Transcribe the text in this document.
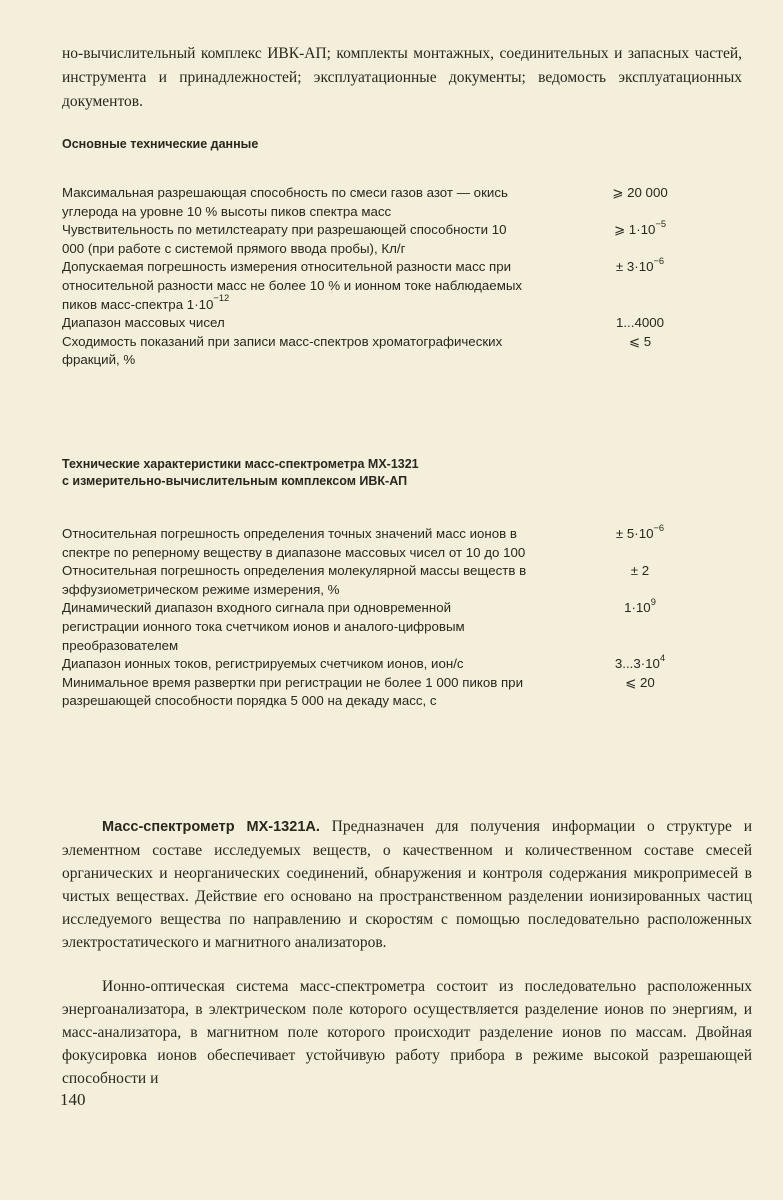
но-вычислительный комплекс ИВК-АП; комплекты монтажных, соединительных и запасных частей, инструмента и принадлежностей; эксплуатационные документы; ведомость эксплуатационных документов.
Основные технические данные
Максимальная разрешающая способность по смеси газов азот — окись углерода на уровне 10 % высоты пиков спектра масс
⩾ 20 000
Чувствительность по метилстеарату при разрешающей способности 10 000 (при работе с системой прямого ввода пробы), Кл/г
⩾ $1\cdot 10^{-5}$
Допускаемая погрешность измерения относительной разности масс при относительной разности масс не более 10 % и ионном токе наблюдаемых пиков масс-спектра $1\cdot 10^{-12}$
± $3\cdot 10^{-6}$
Диапазон массовых чисел	1...4000
Сходимость показаний при записи масс-спектров хроматографических фракций, %
⩽ 5
Технические характеристики масс-спектрометра МХ-1321
с измерительно-вычислительным комплексом ИВК-АП
Относительная погрешность определения точных значений масс ионов в спектре по реперному веществу в диапазоне массовых чисел от 10 до 100
± $5\cdot 10^{-6}$
Относительная погрешность определения молекулярной массы веществ в эффузиометрическом режиме измерения, %
± 2
Динамический диапазон входного сигнала при одновременной регистрации ионного тока счетчиком ионов и аналого-цифровым преобразователем
$1\cdot 10^9$
Диапазон ионных токов, регистрируемых счетчиком ионов, ион/с	$3...3\cdot 10^4$
Минимальное время развертки при регистрации не более 1 000 пиков при разрешающей способности порядка 5 000 на декаду масс, с
⩽ 20
Масс-спектрометр МХ-1321А. Предназначен для получения информации о структуре и элементном составе исследуемых веществ, о качественном и количественном составе смесей органических и неорганических соединений, обнаружения и контроля содержания микропримесей в чистых веществах. Действие его основано на пространственном разделении ионизированных частиц исследуемого вещества по направлению и скоростям с помощью последовательно расположенных электростатического и магнитного анализаторов.
Ионно-оптическая система масс-спектрометра состоит из последовательно расположенных энергоанализатора, в электрическом поле которого осуществляется разделение ионов по энергиям, и масс-анализатора, в магнитном поле которого происходит разделение ионов по массам. Двойная фокусировка ионов обеспечивает устойчивую работу прибора в режиме высокой разрешающей способности и
140
